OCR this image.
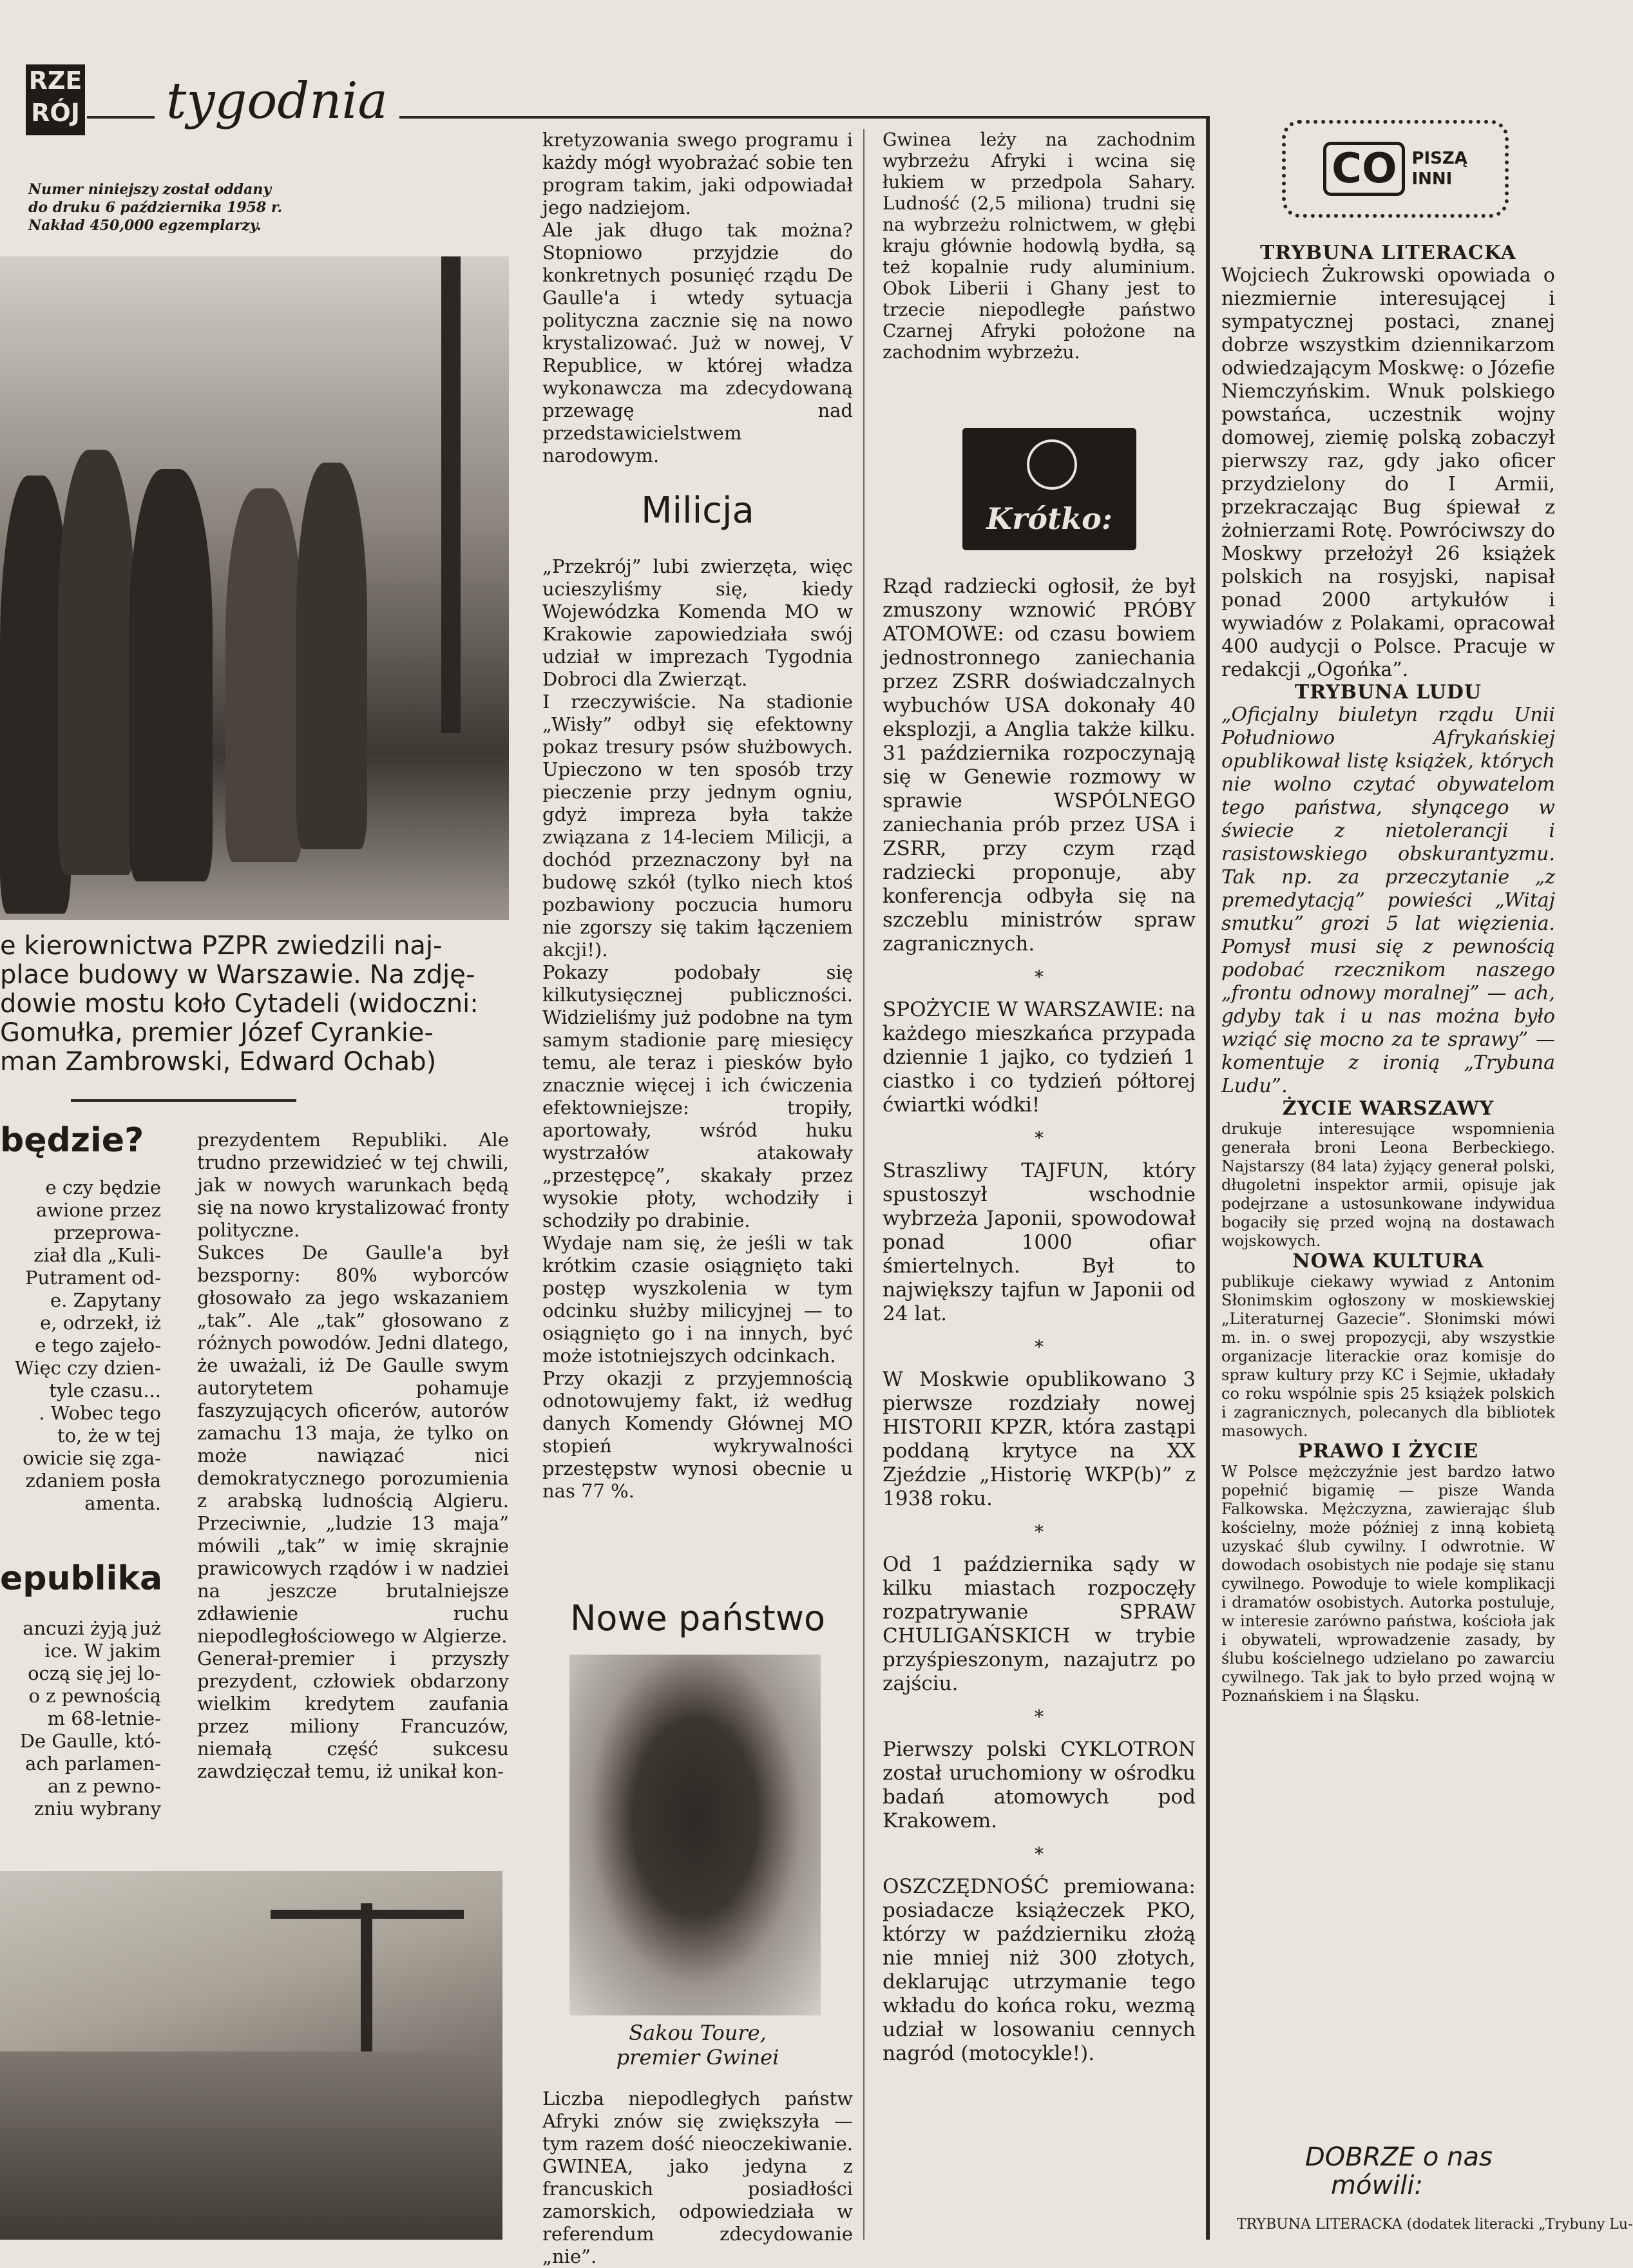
RZE
RÓJ tygodnia
Numer niniejszy został oddany
do druku 6 października 1958 r.
Nakład 450,000 egzemplarzy.
e kierownictwa PZPR zwiedzili naj-
place budowy w Warszawie. Na zdję-
dowie mostu koło Cytadeli (widoczni:
Gomułka, premier Józef Cyrankie-
man Zambrowski, Edward Ochab)
będzie?

e czy będzie

awione przez

przeprowa-

ział dla „Kuli-

Putrament od-

e. Zapytany

e, odrzekł, iż

e tego zajeło-

Więc czy dzien-

tyle czasu...

. Wobec tego

to, że w tej

owicie się zga-

zdaniem posła

amenta.

epublika

ancuzi żyją już

ice. W jakim

oczą się jej lo-

o z pewnością

m 68-letnie-

De Gaulle, któ-

ach parlamen-

an z pewno-

zniu wybrany

prezydentem Republiki. Ale trudno przewidzieć w tej chwili, jak w nowych warunkach będą się na nowo krystalizować fronty polityczne.

Sukces De Gaulle'a był bezsporny: 80% wyborców głosowało za jego wskazaniem „tak”. Ale „tak” głosowano z różnych powodów. Jedni dlatego, że uważali, iż De Gaulle swym autorytetem pohamuje faszyzujących oficerów, autorów zamachu 13 maja, że tylko on może nawiązać nici demokratycznego porozumienia z arabską ludnością Algieru. Przeciwnie, „ludzie 13 maja” mówili „tak” w imię skrajnie prawicowych rządów i w nadziei na jeszcze brutalniejsze zdławienie ruchu niepodległościowego w Algierze.

Generał-premier i przyszły prezydent, człowiek obdarzony wielkim kredytem zaufania przez miliony Francuzów, niemałą część sukcesu zawdzięczał temu, iż unikał kon-

kretyzowania swego programu i każdy mógł wyobrażać sobie ten program takim, jaki odpowiadał jego nadziejom.

Ale jak długo tak można? Stopniowo przyjdzie do konkretnych posunięć rządu De Gaulle'a i wtedy sytuacja polityczna zacznie się na nowo krystalizować. Już w nowej, V Republice, w której władza wykonawcza ma zdecydowaną przewagę nad przedstawicielstwem narodowym.

Milicja

„Przekrój” lubi zwierzęta, więc ucieszyliśmy się, kiedy Wojewódzka Komenda MO w Krakowie zapowiedziała swój udział w imprezach Tygodnia Dobroci dla Zwierząt.

I rzeczywiście. Na stadionie „Wisły” odbył się efektowny pokaz tresury psów służbowych. Upieczono w ten sposób trzy pieczenie przy jednym ogniu, gdyż impreza była także związana z 14-leciem Milicji, a dochód przeznaczony był na budowę szkół (tylko niech ktoś pozbawiony poczucia humoru nie zgorszy się takim łączeniem akcji!).

Pokazy podobały się kilkutysięcznej publiczności. Widzieliśmy już podobne na tym samym stadionie parę miesięcy temu, ale teraz i piesków było znacznie więcej i ich ćwiczenia efektowniejsze: tropiły, aportowały, wśród huku wystrzałów atakowały „przestępcę”, skakały przez wysokie płoty, wchodziły i schodziły po drabinie.

Wydaje nam się, że jeśli w tak krótkim czasie osiągnięto taki postęp wyszkolenia w tym odcinku służby milicyjnej — to osiągnięto go i na innych, być może istotniejszych odcinkach.

Przy okazji z przyjemnością odnotowujemy fakt, iż według danych Komendy Głównej MO stopień wykrywalności przestępstw wynosi obecnie u nas 77 %.

Nowe państwo
Sakou Toure,
premier Gwinei

Liczba niepodległych państw Afryki znów się zwiększyła — tym razem dość nieoczekiwanie. GWINEA, jako jedyna z francuskich posiadłości zamorskich, odpowiedziała w referendum zdecydowanie „nie”.

Gwinea leży na zachodnim wybrzeżu Afryki i wcina się łukiem w przedpola Sahary. Ludność (2,5 miliona) trudni się na wybrzeżu rolnictwem, w głębi kraju głównie hodowlą bydła, są też kopalnie rudy aluminium. Obok Liberii i Ghany jest to trzecie niepodległe państwo Czarnej Afryki położone na zachodnim wybrzeżu.

Krótko:

Rząd radziecki ogłosił, że był zmuszony wznowić PRÓBY ATOMOWE: od czasu bowiem jednostronnego zaniechania przez ZSRR doświadczalnych wybuchów USA dokonały 40 eksplozji, a Anglia także kilku. 31 października rozpoczynają się w Genewie rozmowy w sprawie WSPÓLNEGO zaniechania prób przez USA i ZSRR, przy czym rząd radziecki proponuje, aby konferencja odbyła się na szczeblu ministrów spraw zagranicznych.

*

SPOŻYCIE W WARSZAWIE: na każdego mieszkańca przypada dziennie 1 jajko, co tydzień 1 ciastko i co tydzień półtorej ćwiartki wódki!

*

Straszliwy TAJFUN, który spustoszył wschodnie wybrzeża Japonii, spowodował ponad 1000 ofiar śmiertelnych. Był to największy tajfun w Japonii od 24 lat.

*

W Moskwie opublikowano 3 pierwsze rozdziały nowej HISTORII KPZR, która zastąpi poddaną krytyce na XX Zjeździe „Historię WKP(b)” z 1938 roku.

*

Od 1 października sądy w kilku miastach rozpoczęły rozpatrywanie SPRAW CHULIGAŃSKICH w trybie przyśpieszonym, nazajutrz po zajściu.

*

Pierwszy polski CYKLOTRON został uruchomiony w ośrodku badań atomowych pod Krakowem.

*

OSZCZĘDNOŚĆ premiowana: posiadacze książeczek PKO, którzy w październiku złożą nie mniej niż 300 złotych, deklarując utrzymanie tego wkładu do końca roku, wezmą udział w losowaniu cennych nagród (motocykle!).

CO PISZĄ
INNI
TRYBUNA LITERACKA

Wojciech Żukrowski opowiada o niezmiernie interesującej i sympatycznej postaci, znanej dobrze wszystkim dziennikarzom odwiedzającym Moskwę: o Józefie Niemczyńskim. Wnuk polskiego powstańca, uczestnik wojny domowej, ziemię polską zobaczył pierwszy raz, gdy jako oficer przydzielony do I Armii, przekraczając Bug śpiewał z żołnierzami Rotę. Powróciwszy do Moskwy przełożył 26 książek polskich na rosyjski, napisał ponad 2000 artykułów i wywiadów z Polakami, opracował 400 audycji o Polsce. Pracuje w redakcji „Ogońka”.

TRYBUNA LUDU

„Oficjalny biuletyn rządu Unii Południowo Afrykańskiej opublikował listę książek, których nie wolno czytać obywatelom tego państwa, słynącego w świecie z nietolerancji i rasistowskiego obskurantyzmu. Tak np. za przeczytanie „z premedytacją” powieści „Witaj smutku” grozi 5 lat więzienia. Pomysł musi się z pewnością podobać rzecznikom naszego „frontu odnowy moralnej” — ach, gdyby tak i u nas można było wziąć się mocno za te sprawy” — komentuje z ironią „Trybuna Ludu”.

ŻYCIE WARSZAWY

drukuje interesujące wspomnienia generała broni Leona Berbeckiego. Najstarszy (84 lata) żyjący generał polski, długoletni inspektor armii, opisuje jak podejrzane a ustosunkowane indywidua bogaciły się przed wojną na dostawach wojskowych.

NOWA KULTURA

publikuje ciekawy wywiad z Antonim Słonimskim ogłoszony w moskiewskiej „Literaturnej Gazecie”. Słonimski mówi m. in. o swej propozycji, aby wszystkie organizacje literackie oraz komisje do spraw kultury przy KC i Sejmie, układały co roku wspólnie spis 25 książek polskich i zagranicznych, polecanych dla bibliotek masowych.

PRAWO I ŻYCIE

W Polsce mężczyźnie jest bardzo łatwo popełnić bigamię — pisze Wanda Falkowska. Mężczyzna, zawierając ślub kościelny, może później z inną kobietą uzyskać ślub cywilny. I odwrotnie. W dowodach osobistych nie podaje się stanu cywilnego. Powoduje to wiele komplikacji i dramatów osobistych. Autorka postuluje, w interesie zarówno państwa, kościoła jak i obywateli, wprowadzenie zasady, by ślubu kościelnego udzielano po zawarciu cywilnego. Tak jak to było przed wojną w Poznańskiem i na Śląsku.

DOBRZE o nas
mówili:
TRYBUNA LITERACKA (dodatek literacki „Trybuny Lu-
